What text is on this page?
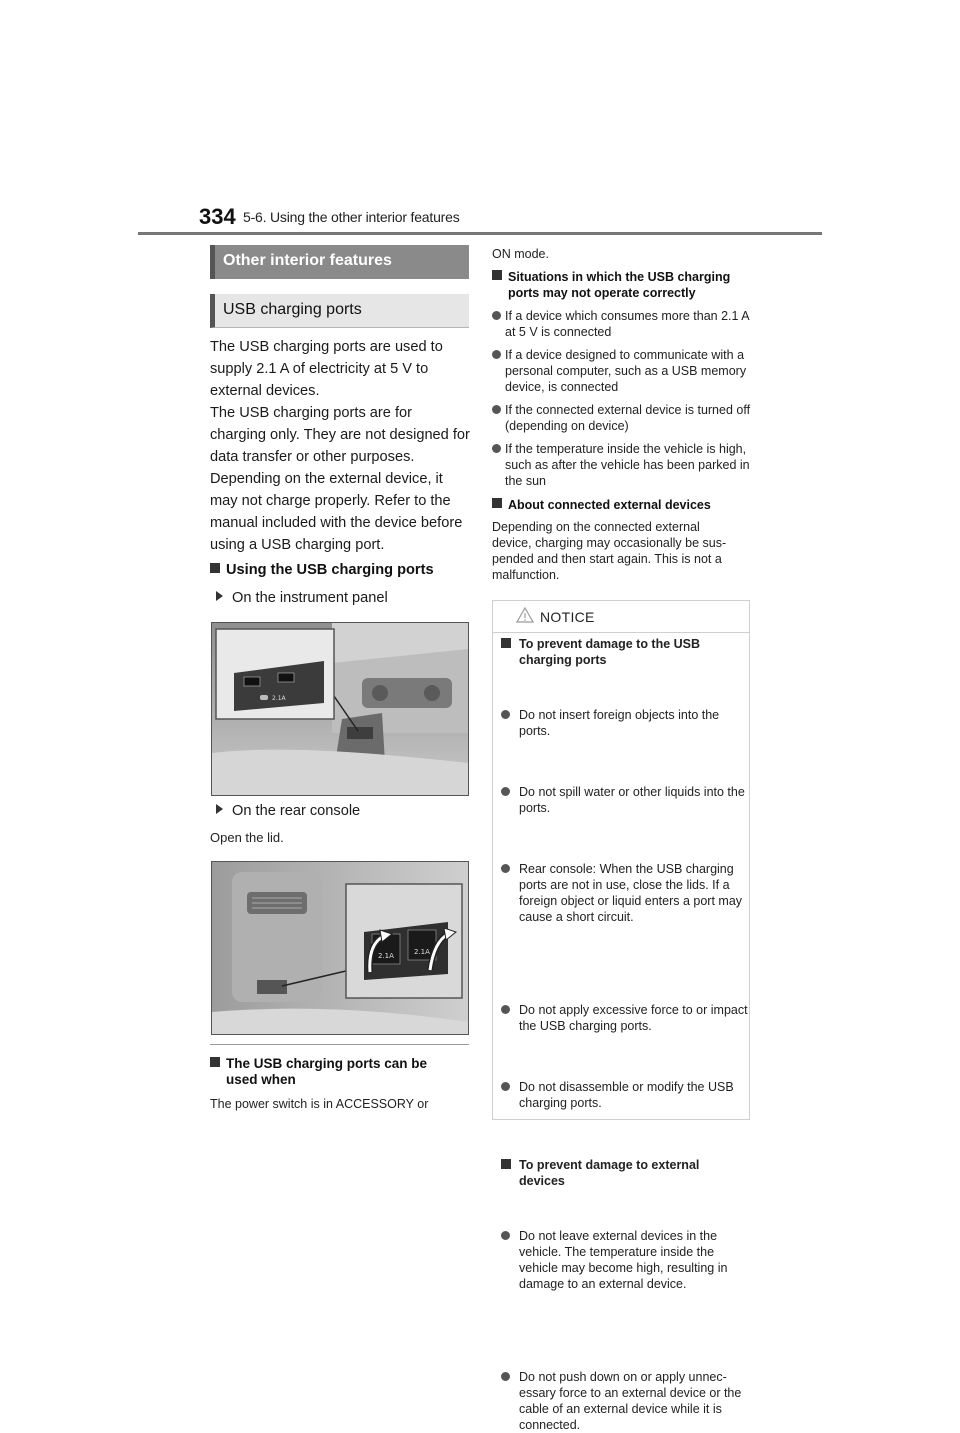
334 5-6. Using the other interior features
Other interior features
USB charging ports

The USB charging ports are used to supply 2.1 A of electricity at 5 V to external devices.

The USB charging ports are for charging only. They are not designed for data transfer or other purposes. Depending on the external device, it may not charge properly. Refer to the manual included with the device before using a USB charging port.

Using the USB charging ports
On the instrument panel
2.1A
On the rear console
Open the lid.
2.1A	2.1A
The USB charging ports can be used when
The power switch is in ACCESSORY or
ON mode.
Situations in which the USB charging ports may not operate correctly

If a device which consumes more than 2.1 A at 5 V is connected

If a device designed to communicate with a personal computer, such as a USB memory device, is connected

If the connected external device is turned off (depending on device)

If the temperature inside the vehicle is high, such as after the vehicle has been parked in the sun

About connected external devices
Depending on the connected external device, charging may occasionally be sus-pended and then start again. This is not a malfunction.
NOTICE
To prevent damage to the USB charging ports
Do not insert foreign objects into the ports.
Do not spill water or other liquids into the ports.
Rear console: When the USB charging ports are not in use, close the lids. If a foreign object or liquid enters a port may cause a short circuit.
Do not apply excessive force to or impact the USB charging ports.
Do not disassemble or modify the USB charging ports.
To prevent damage to external devices
Do not leave external devices in the vehicle. The temperature inside the vehicle may become high, resulting in damage to an external device.
Do not push down on or apply unnec-essary force to an external device or the cable of an external device while it is connected.
